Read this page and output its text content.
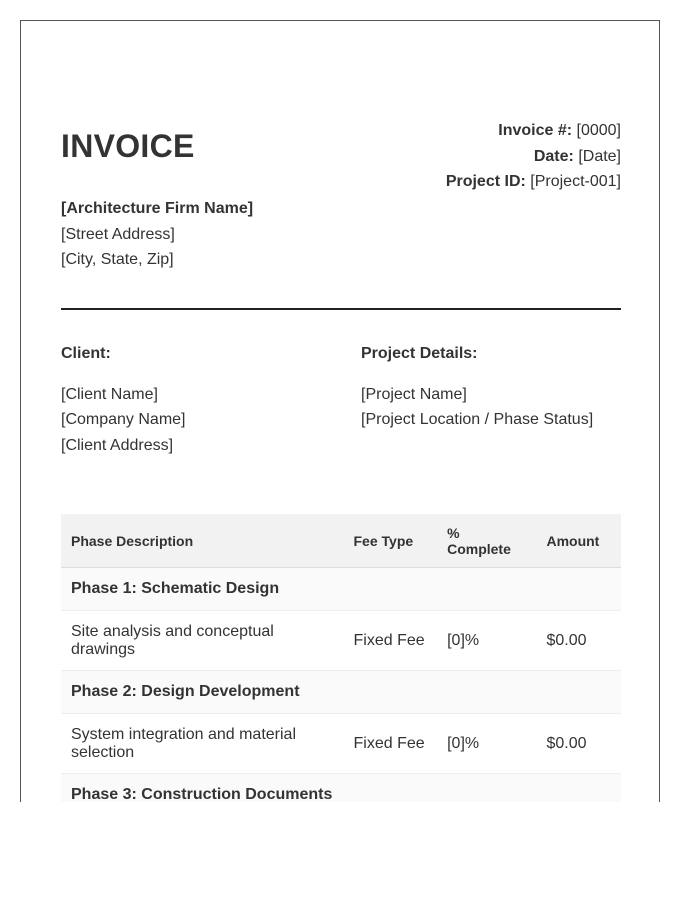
INVOICE	Invoice #: [0000]
Date: [Date]
Project ID: [Project-001]
[Architecture Firm Name]
[Street Address]
[City, State, Zip]
Client:
[Client Name]
[Company Name]
[Client Address]
Project Details:
[Project Name]
[Project Location / Phase Status]
Phase Description	Fee Type	% Complete	Amount
Phase 1: Schematic Design			
Site analysis and conceptual drawings	Fixed Fee	[0]%	$0.00
Phase 2: Design Development			
System integration and material selection	Fixed Fee	[0]%	$0.00
Phase 3: Construction Documents			
